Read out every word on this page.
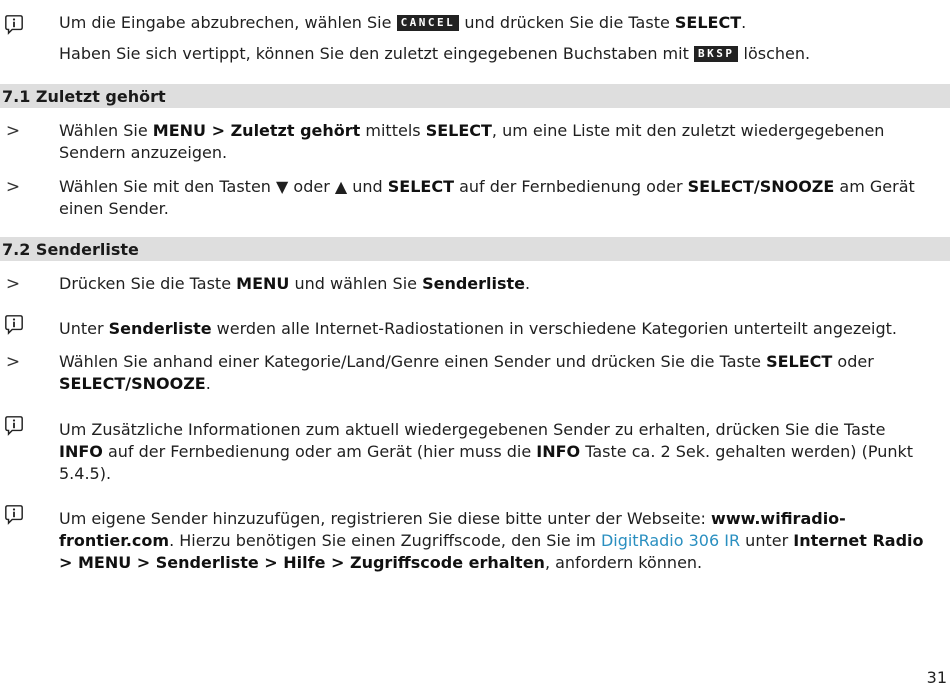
Um die Eingabe abzubrechen, wählen Sie CANCEL und drücken Sie die Taste SELECT.
Haben Sie sich vertippt, können Sie den zuletzt eingegebenen Buchstaben mit BKSP löschen.
7.1 Zuletzt gehört
> Wählen Sie MENU > Zuletzt gehört mittels SELECT, um eine Liste mit den zuletzt wiedergegebenen Sendern anzuzeigen.
> Wählen Sie mit den Tasten ▼ oder ▲ und SELECT auf der Fernbedienung oder SELECT/SNOOZE am Gerät einen Sender.
7.2 Senderliste
> Drücken Sie die Taste MENU und wählen Sie Senderliste.
Unter Senderliste werden alle Internet-Radiostationen in verschiedene Kategorien unterteilt angezeigt.
> Wählen Sie anhand einer Kategorie/Land/Genre einen Sender und drücken Sie die Taste SELECT oder SELECT/SNOOZE.
Um Zusätzliche Informationen zum aktuell wiedergegebenen Sender zu erhalten, drücken Sie die Taste INFO auf der Fernbedienung oder am Gerät (hier muss die INFO Taste ca. 2 Sek. gehalten werden) (Punkt 5.4.5).
Um eigene Sender hinzuzufügen, registrieren Sie diese bitte unter der Webseite: www.wifiradio-frontier.com. Hierzu benötigen Sie einen Zugriffscode, den Sie im DigitRadio 306 IR unter Internet Radio > MENU > Senderliste > Hilfe > Zugriffscode erhalten, anfordern können.
31
